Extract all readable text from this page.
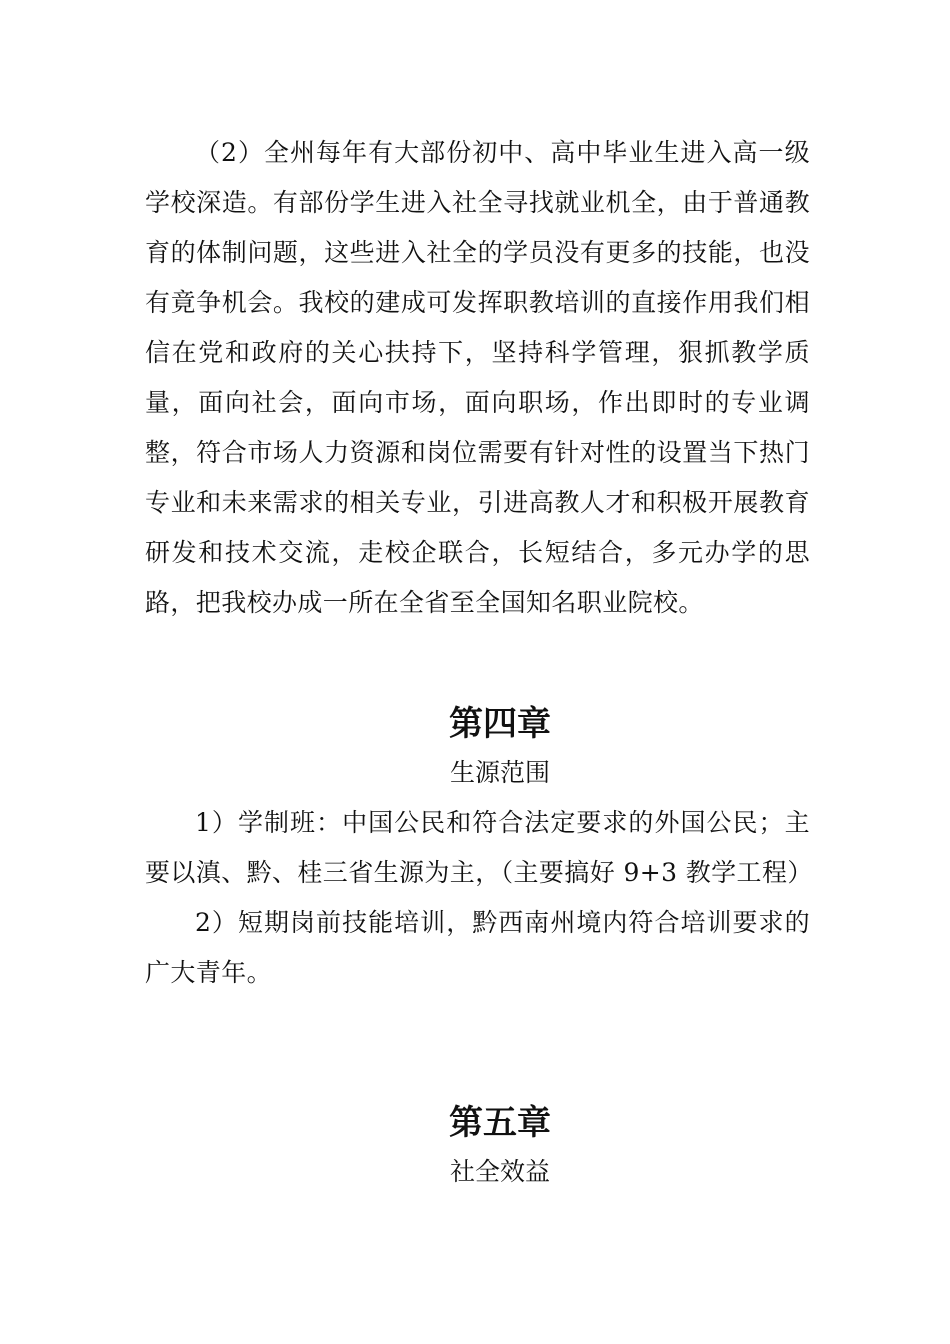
（2）全州每年有大部份初中、高中毕业生进入高一级学校深造。有部份学生进入社全寻找就业机全，由于普通教育的体制问题，这些进入社全的学员没有更多的技能，也没有竟争机会。我校的建成可发挥职教培训的直接作用我们相信在党和政府的关心扶持下，坚持科学管理，狠抓教学质量，面向社会，面向市场，面向职场，作出即时的专业调整，符合市场人力资源和岗位需要有针对性的设置当下热门专业和未来需求的相关专业，引进高教人才和积极开展教育研发和技术交流，走校企联合，长短结合，多元办学的思路，把我校办成一所在全省至全国知名职业院校。

第四章
生源范围

1）学制班：中国公民和符合法定要求的外国公民；主要以滇、黔、桂三省生源为主，（主要搞好 9+3 教学工程）

2）短期岗前技能培训，黔西南州境内符合培训要求的广大青年。

第五章
社全效益
